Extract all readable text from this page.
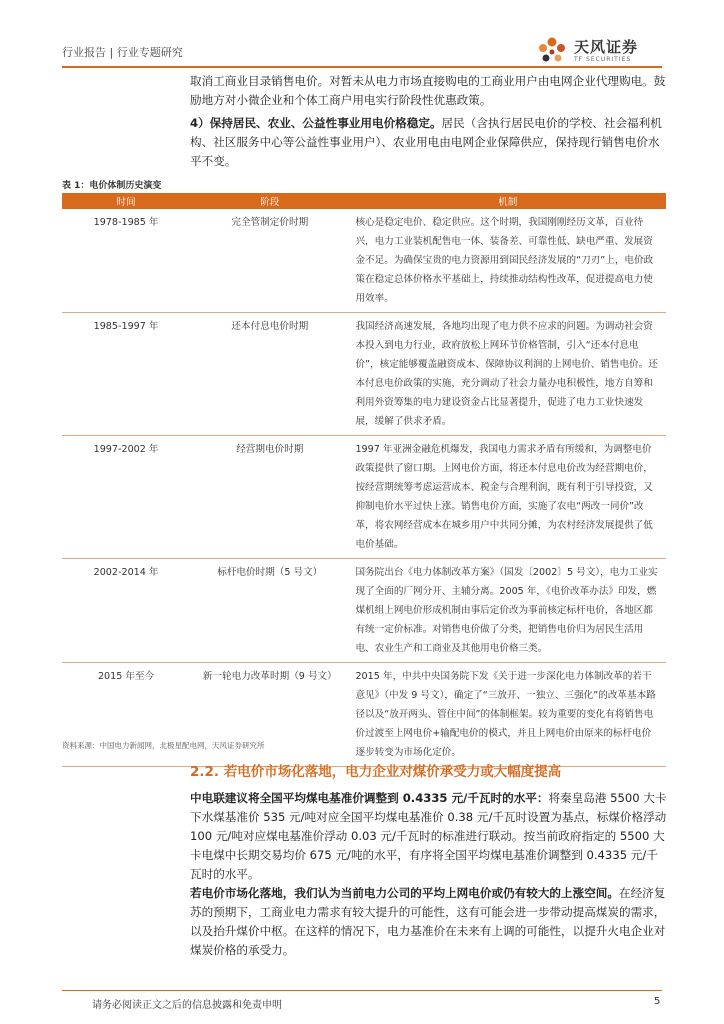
行业报告 | 行业专题研究	天风证券
TF SECURITIES
取消工商业目录销售电价。对暂未从电力市场直接购电的工商业用户由电网企业代理购电。鼓励地方对小微企业和个体工商户用电实行阶段性优惠政策。
4）保持居民、农业、公益性事业用电价格稳定。居民（含执行居民电价的学校、社会福利机构、社区服务中心等公益性事业用户）、农业用电由电网企业保障供应，保持现行销售电价水平不变。
表 1：电价体制历史演变
时间	阶段	机制
1978-1985 年	完全管制定价时期	核心是稳定电价、稳定供应。这个时期，我国刚刚经历文革，百业待兴，电力工业装机配售电一体、装备差、可靠性低、缺电严重、发展资金不足。为确保宝贵的电力资源用到国民经济发展的“刀刃”上，电价政策在稳定总体价格水平基础上，持续推动结构性改革，促进提高电力使用效率。
1985-1997 年	还本付息电价时期	我国经济高速发展，各地均出现了电力供不应求的问题。为调动社会资本投入到电力行业，政府放松上网环节价格管制，引入“还本付息电价”，核定能够覆盖融资成本、保障协议利润的上网电价、销售电价。还本付息电价政策的实施，充分调动了社会力量办电积极性，地方自筹和利用外资筹集的电力建设资金占比显著提升，促进了电力工业快速发展，缓解了供求矛盾。
1997-2002 年	经营期电价时期	1997 年亚洲金融危机爆发，我国电力需求矛盾有所缓和，为调整电价政策提供了窗口期。上网电价方面，将还本付息电价改为经营期电价，按经营期统筹考虑运营成本、税金与合理利润，既有利于引导投资，又抑制电价水平过快上涨。销售电价方面，实施了农电“两改一同价”改革，将农网经营成本在城乡用户中共同分摊，为农村经济发展提供了低电价基础。
2002-2014 年	标杆电价时期（5 号文）	国务院出台《电力体制改革方案》（国发〔2002〕5 号文），电力工业实现了全面的厂网分开、主辅分离。2005 年，《电价改革办法》印发，燃煤机组上网电价形成机制由事后定价改为事前核定标杆电价，各地区都有统一定价标准。对销售电价做了分类，把销售电价归为居民生活用电、农业生产和工商业及其他用电价格三类。
2015 年至今	新一轮电力改革时期（9 号文）	2015 年，中共中央国务院下发《关于进一步深化电力体制改革的若干意见》（中发 9 号文），确定了“三放开、一独立、三强化”的改革基本路径以及“放开两头、管住中间”的体制框架。较为重要的变化有将销售电价过渡至上网电价+输配电价的模式，并且上网电价由原来的标杆电价逐步转变为市场化定价。
资料来源：中国电力新闻网，北极星配电网，天风证券研究所
2.2. 若电价市场化落地，电力企业对煤价承受力或大幅度提高
中电联建议将全国平均煤电基准价调整到 0.4335 元/千瓦时的水平：将秦皇岛港 5500 大卡下水煤基准价 535 元/吨对应全国平均煤电基准价 0.38 元/千瓦时设置为基点，标煤价格浮动 100 元/吨对应煤电基准价浮动 0.03 元/千瓦时的标准进行联动。按当前政府指定的 5500 大卡电煤中长期交易均价 675 元/吨的水平，有序将全国平均煤电基准价调整到 0.4335 元/千瓦时的水平。
若电价市场化落地，我们认为当前电力公司的平均上网电价或仍有较大的上涨空间。在经济复苏的预期下，工商业电力需求有较大提升的可能性，这有可能会进一步带动提高煤炭的需求，以及抬升煤价中枢。在这样的情况下，电力基准价在未来有上调的可能性，以提升火电企业对煤炭价格的承受力。
请务必阅读正文之后的信息披露和免责申明	5
